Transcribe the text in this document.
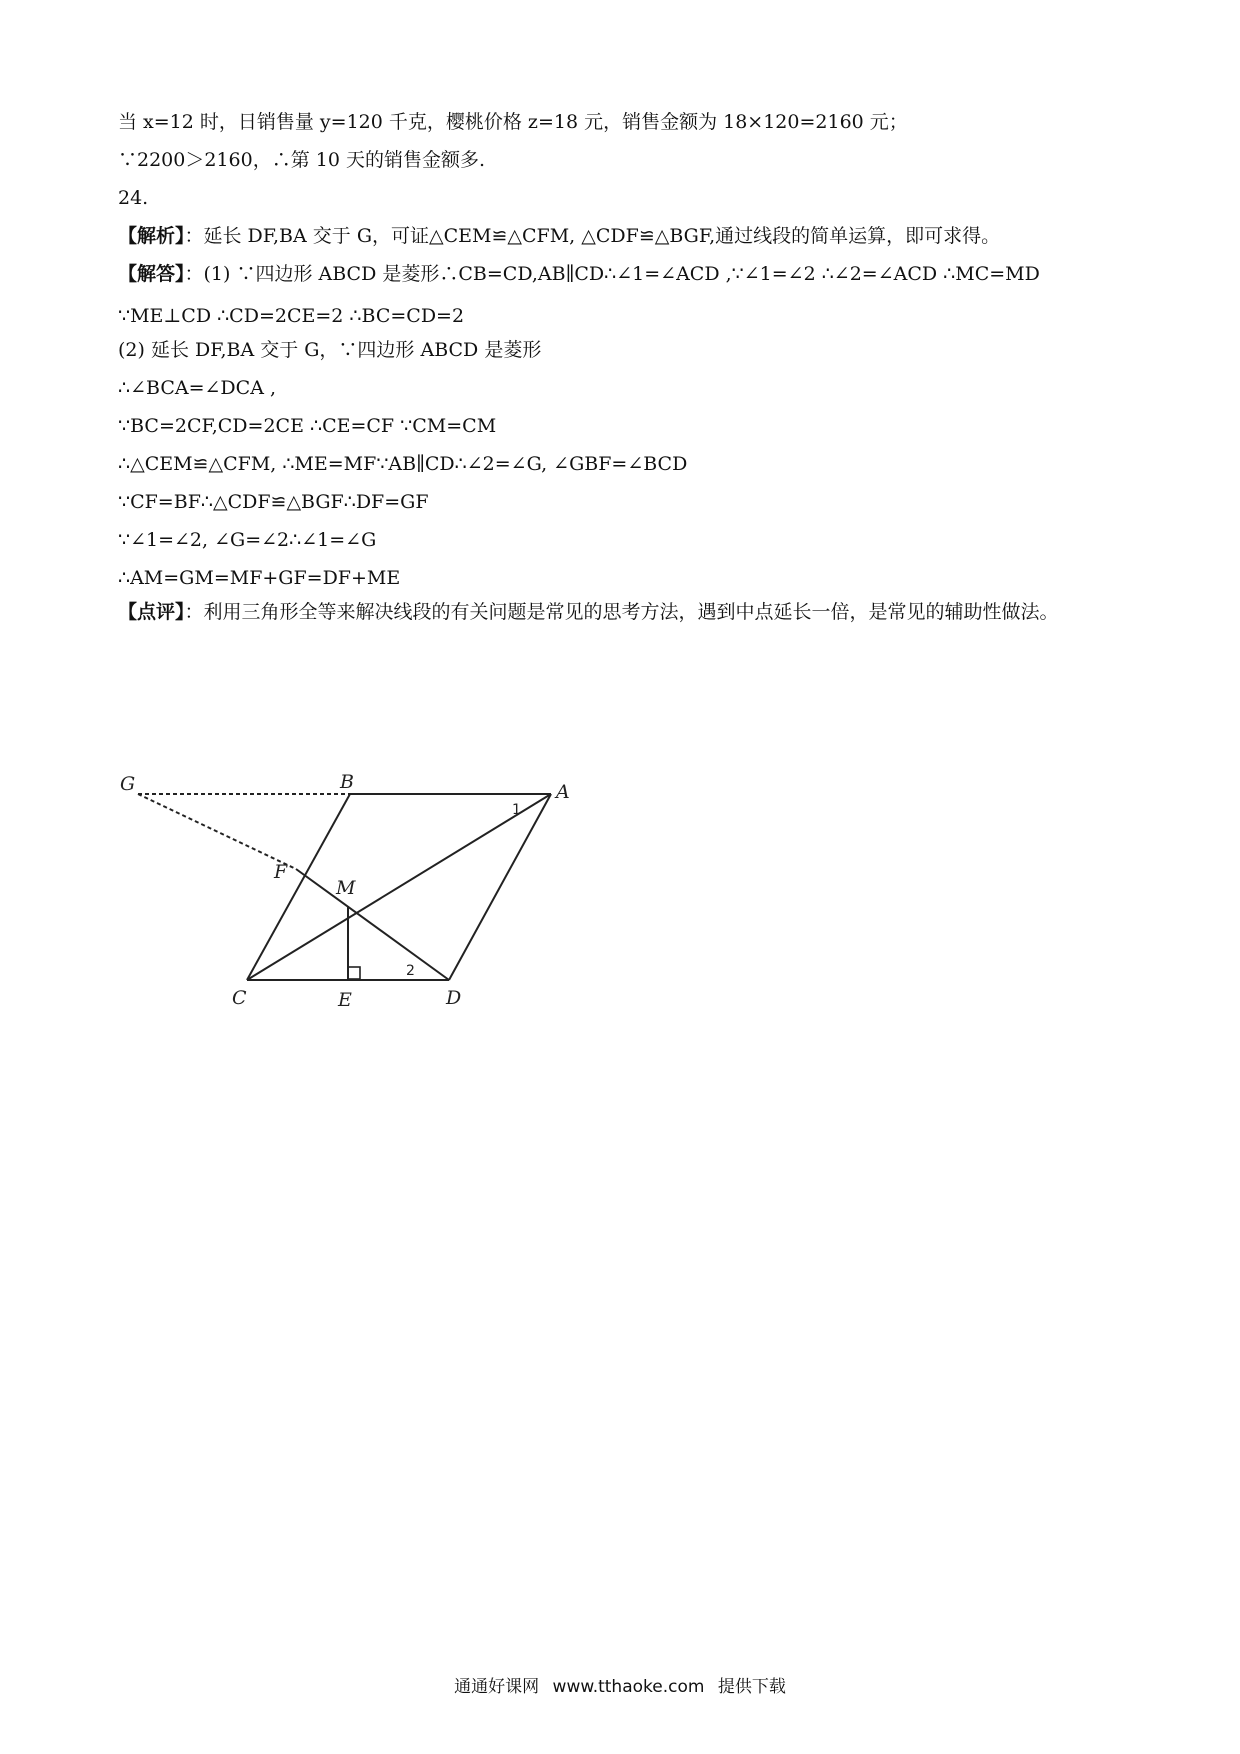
当 x=12 时，日销售量 y=120 千克，樱桃价格 z=18 元，销售金额为 18×120=2160 元；
∵2200＞2160，∴第 10 天的销售金额多.
24.
【解析】：延长 DF,BA 交于 G，可证△CEM≌△CFM, △CDF≌△BGF,通过线段的简单运算，即可求得。
【解答】：(1) ∵四边形 ABCD 是菱形∴CB=CD,AB∥CD∴∠1=∠ACD ,∵∠1=∠2 ∴∠2=∠ACD ∴MC=MD ∵ME⊥CD ∴CD=2CE=2 ∴BC=CD=2
(2) 延长 DF,BA 交于 G，∵四边形 ABCD 是菱形
∴∠BCA=∠DCA ,
∵BC=2CF,CD=2CE ∴CE=CF ∵CM=CM
∴△CEM≌△CFM, ∴ME=MF∵AB∥CD∴∠2=∠G, ∠GBF=∠BCD
∵CF=BF∴△CDF≌△BGF∴DF=GF
∵∠1=∠2, ∠G=∠2∴∠1=∠G
∴AM=GM=MF+GF=DF+ME
【点评】：利用三角形全等来解决线段的有关问题是常见的思考方法，遇到中点延长一倍，是常见的辅助性做法。
G	B	A
F
M
C	E	D
1
2
通通好课网 www.tthaoke.com 提供下载
